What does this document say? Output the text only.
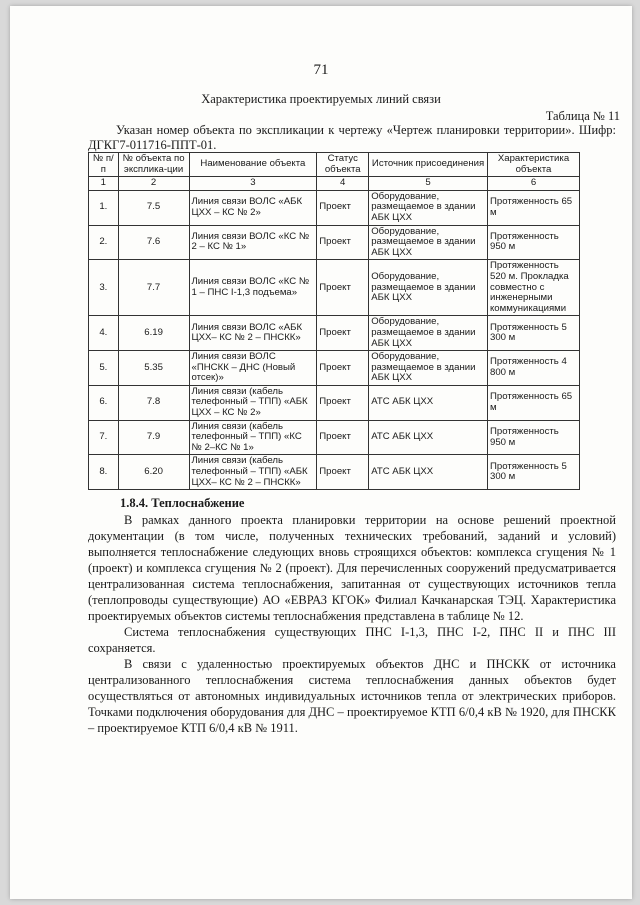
71
Характеристика проектируемых линий связи
Таблица № 11
Указан номер объекта по экспликации к чертежу «Чертеж планировки территории». Шифр: ДГКГ7-011716-ППТ-01.
№ п/п	№ объекта по эксплика-ции	Наименование объекта	Статус объекта	Источник присоединения	Характеристика объекта
1	2	3	4	5	6
1.	7.5	Линия связи ВОЛС «АБК ЦХХ – КС № 2»	Проект	Оборудование, размещаемое в здании АБК ЦХХ	Протяженность 65 м
2.	7.6	Линия связи ВОЛС «КС № 2 – КС № 1»	Проект	Оборудование, размещаемое в здании АБК ЦХХ	Протяженность 950 м
3.	7.7	Линия связи ВОЛС «КС № 1 – ПНС I-1,3 подъема»	Проект	Оборудование, размещаемое в здании АБК ЦХХ	Протяженность 520 м. Прокладка совместно с инженерными коммуникациями
4.	6.19	Линия связи ВОЛС «АБК ЦХХ– КС № 2 – ПНСКК»	Проект	Оборудование, размещаемое в здании АБК ЦХХ	Протяженность 5 300 м
5.	5.35	Линия связи ВОЛС «ПНСКК – ДНС (Новый отсек)»	Проект	Оборудование, размещаемое в здании АБК ЦХХ	Протяженность 4 800 м
6.	7.8	Линия связи (кабель телефонный – ТПП) «АБК ЦХХ – КС № 2»	Проект	АТС АБК ЦХХ	Протяженность 65 м
7.	7.9	Линия связи (кабель телефонный – ТПП) «КС № 2–КС № 1»	Проект	АТС АБК ЦХХ	Протяженность 950 м
8.	6.20	Линия связи (кабель телефонный – ТПП) «АБК ЦХХ– КС № 2 – ПНСКК»	Проект	АТС АБК ЦХХ	Протяженность 5 300 м
1.8.4. Теплоснабжение

В рамках данного проекта планировки территории на основе решений проектной документации (в том числе, полученных технических требований, заданий и условий) выполняется теплоснабжение следующих вновь строящихся объектов: комплекса сгущения № 1 (проект) и комплекса сгущения № 2 (проект). Для перечисленных сооружений предусматривается централизованная система теплоснабжения, запитанная от существующих источников тепла (теплопроводы существующие) АО «ЕВРАЗ КГОК» Филиал Качканарская ТЭЦ. Характеристика проектируемых объектов системы теплоснабжения представлена в таблице № 12.

Система теплоснабжения существующих ПНС I-1,3, ПНС I-2, ПНС II и ПНС III сохраняется.

В связи с удаленностью проектируемых объектов ДНС и ПНСКК от источника централизованного теплоснабжения система теплоснабжения данных объектов будет осуществляться от автономных индивидуальных источников тепла от электрических приборов. Точками подключения оборудования для ДНС – проектируемое КТП 6/0,4 кВ № 1920, для ПНСКК – проектируемое КТП 6/0,4 кВ № 1911.
